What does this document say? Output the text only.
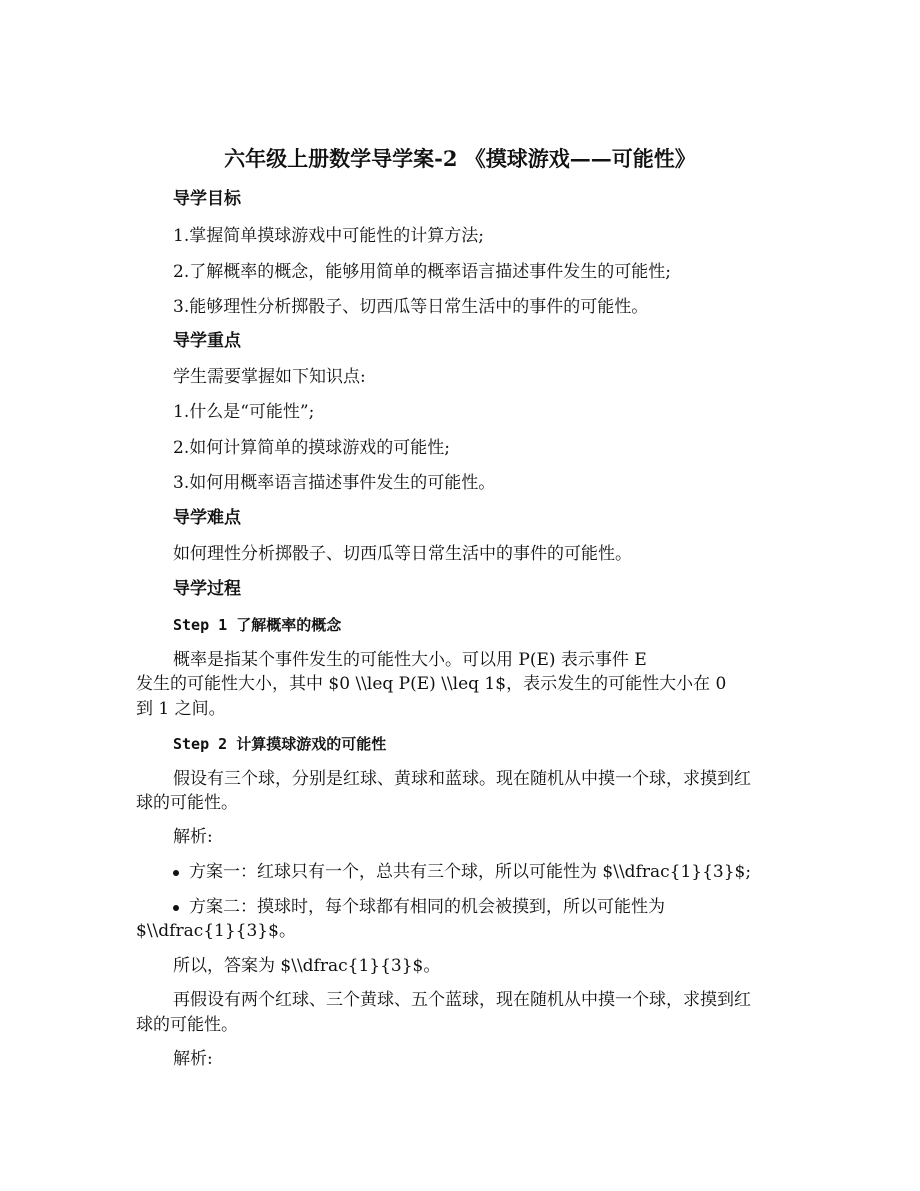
六年级上册数学导学案-2 《摸球游戏——可能性》
导学目标
1.掌握简单摸球游戏中可能性的计算方法;
2.了解概率的概念，能够用简单的概率语言描述事件发生的可能性;
3.能够理性分析掷骰子、切西瓜等日常生活中的事件的可能性。
导学重点
学生需要掌握如下知识点:
1.什么是“可能性”;
2.如何计算简单的摸球游戏的可能性;
3.如何用概率语言描述事件发生的可能性。
导学难点
如何理性分析掷骰子、切西瓜等日常生活中的事件的可能性。
导学过程
Step 1 了解概率的概念
概率是指某个事件发生的可能性大小。可以用 P(E) 表示事件 E
发生的可能性大小，其中 $0 \\leq P(E) \\leq 1$，表示发生的可能性大小在 0
到 1 之间。
Step 2 计算摸球游戏的可能性
假设有三个球，分别是红球、黄球和蓝球。现在随机从中摸一个球，求摸到红
球的可能性。
解析:
方案一：红球只有一个，总共有三个球，所以可能性为 $\\dfrac{1}{3}$;
方案二：摸球时，每个球都有相同的机会被摸到，所以可能性为
$\\dfrac{1}{3}$。
所以，答案为 $\\dfrac{1}{3}$。
再假设有两个红球、三个黄球、五个蓝球，现在随机从中摸一个球，求摸到红
球的可能性。
解析:
